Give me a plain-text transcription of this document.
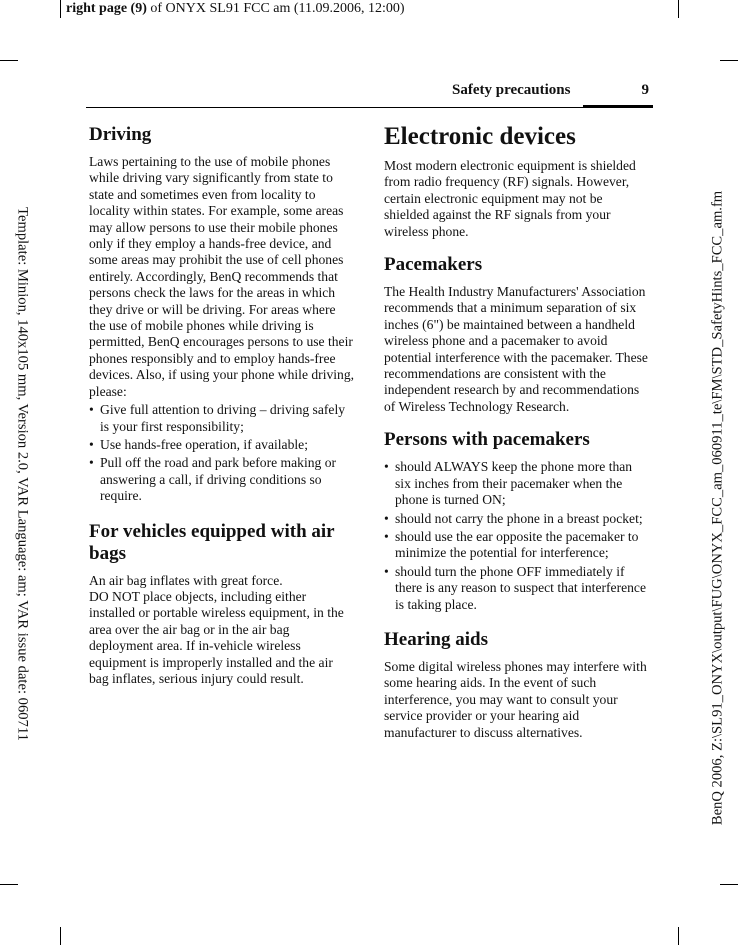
right page (9) of ONYX SL91 FCC am (11.09.2006, 12:00)
Template: Minion, 140x105 mm, Version 2.0, VAR Language: am; VAR issue date: 060711	BenQ 2006, Z:\SL91_ONYX\output\FUG\ONYX_FCC_am_060911_te\FM\STD_SafetyHints_FCC_am.fm
Safety precautions	9
Driving

Laws pertaining to the use of mobile phones while driving vary significantly from state to state and sometimes even from locality to locality within states. For example, some areas may allow persons to use their mobile phones only if they employ a hands-free device, and some areas may prohibit the use of cell phones entirely. Accordingly, BenQ recommends that persons check the laws for the areas in which they drive or will be driving. For areas where the use of mobile phones while driving is permitted, BenQ encourages persons to use their phones responsibly and to employ hands-free devices. Also, if using your phone while driving, please:

• Give full attention to driving – driving safely is your first responsibility;
• Use hands-free operation, if available;
• Pull off the road and park before making or answering a call, if driving conditions so require.
For vehicles equipped with air bags

An air bag inflates with great force.

DO NOT place objects, including either installed or portable wireless equipment, in the area over the air bag or in the air bag deployment area. If in-vehicle wireless equipment is improperly installed and the air bag inflates, serious injury could result.

Electronic devices

Most modern electronic equipment is shielded from radio frequency (RF) signals. However, certain electronic equipment may not be shielded against the RF signals from your wireless phone.

Pacemakers

The Health Industry Manufacturers' Association recommends that a minimum separation of six inches (6") be maintained between a handheld wireless phone and a pacemaker to avoid potential interference with the pacemaker. These recommendations are consistent with the independent research by and recommendations of Wireless Technology Research.

Persons with pacemakers
• should ALWAYS keep the phone more than six inches from their pacemaker when the phone is turned ON;
• should not carry the phone in a breast pocket;
• should use the ear opposite the pacemaker to minimize the potential for interference;
• should turn the phone OFF immediately if there is any reason to suspect that interference is taking place.
Hearing aids

Some digital wireless phones may interfere with some hearing aids. In the event of such interference, you may want to consult your service provider or your hearing aid manufacturer to discuss alternatives.
